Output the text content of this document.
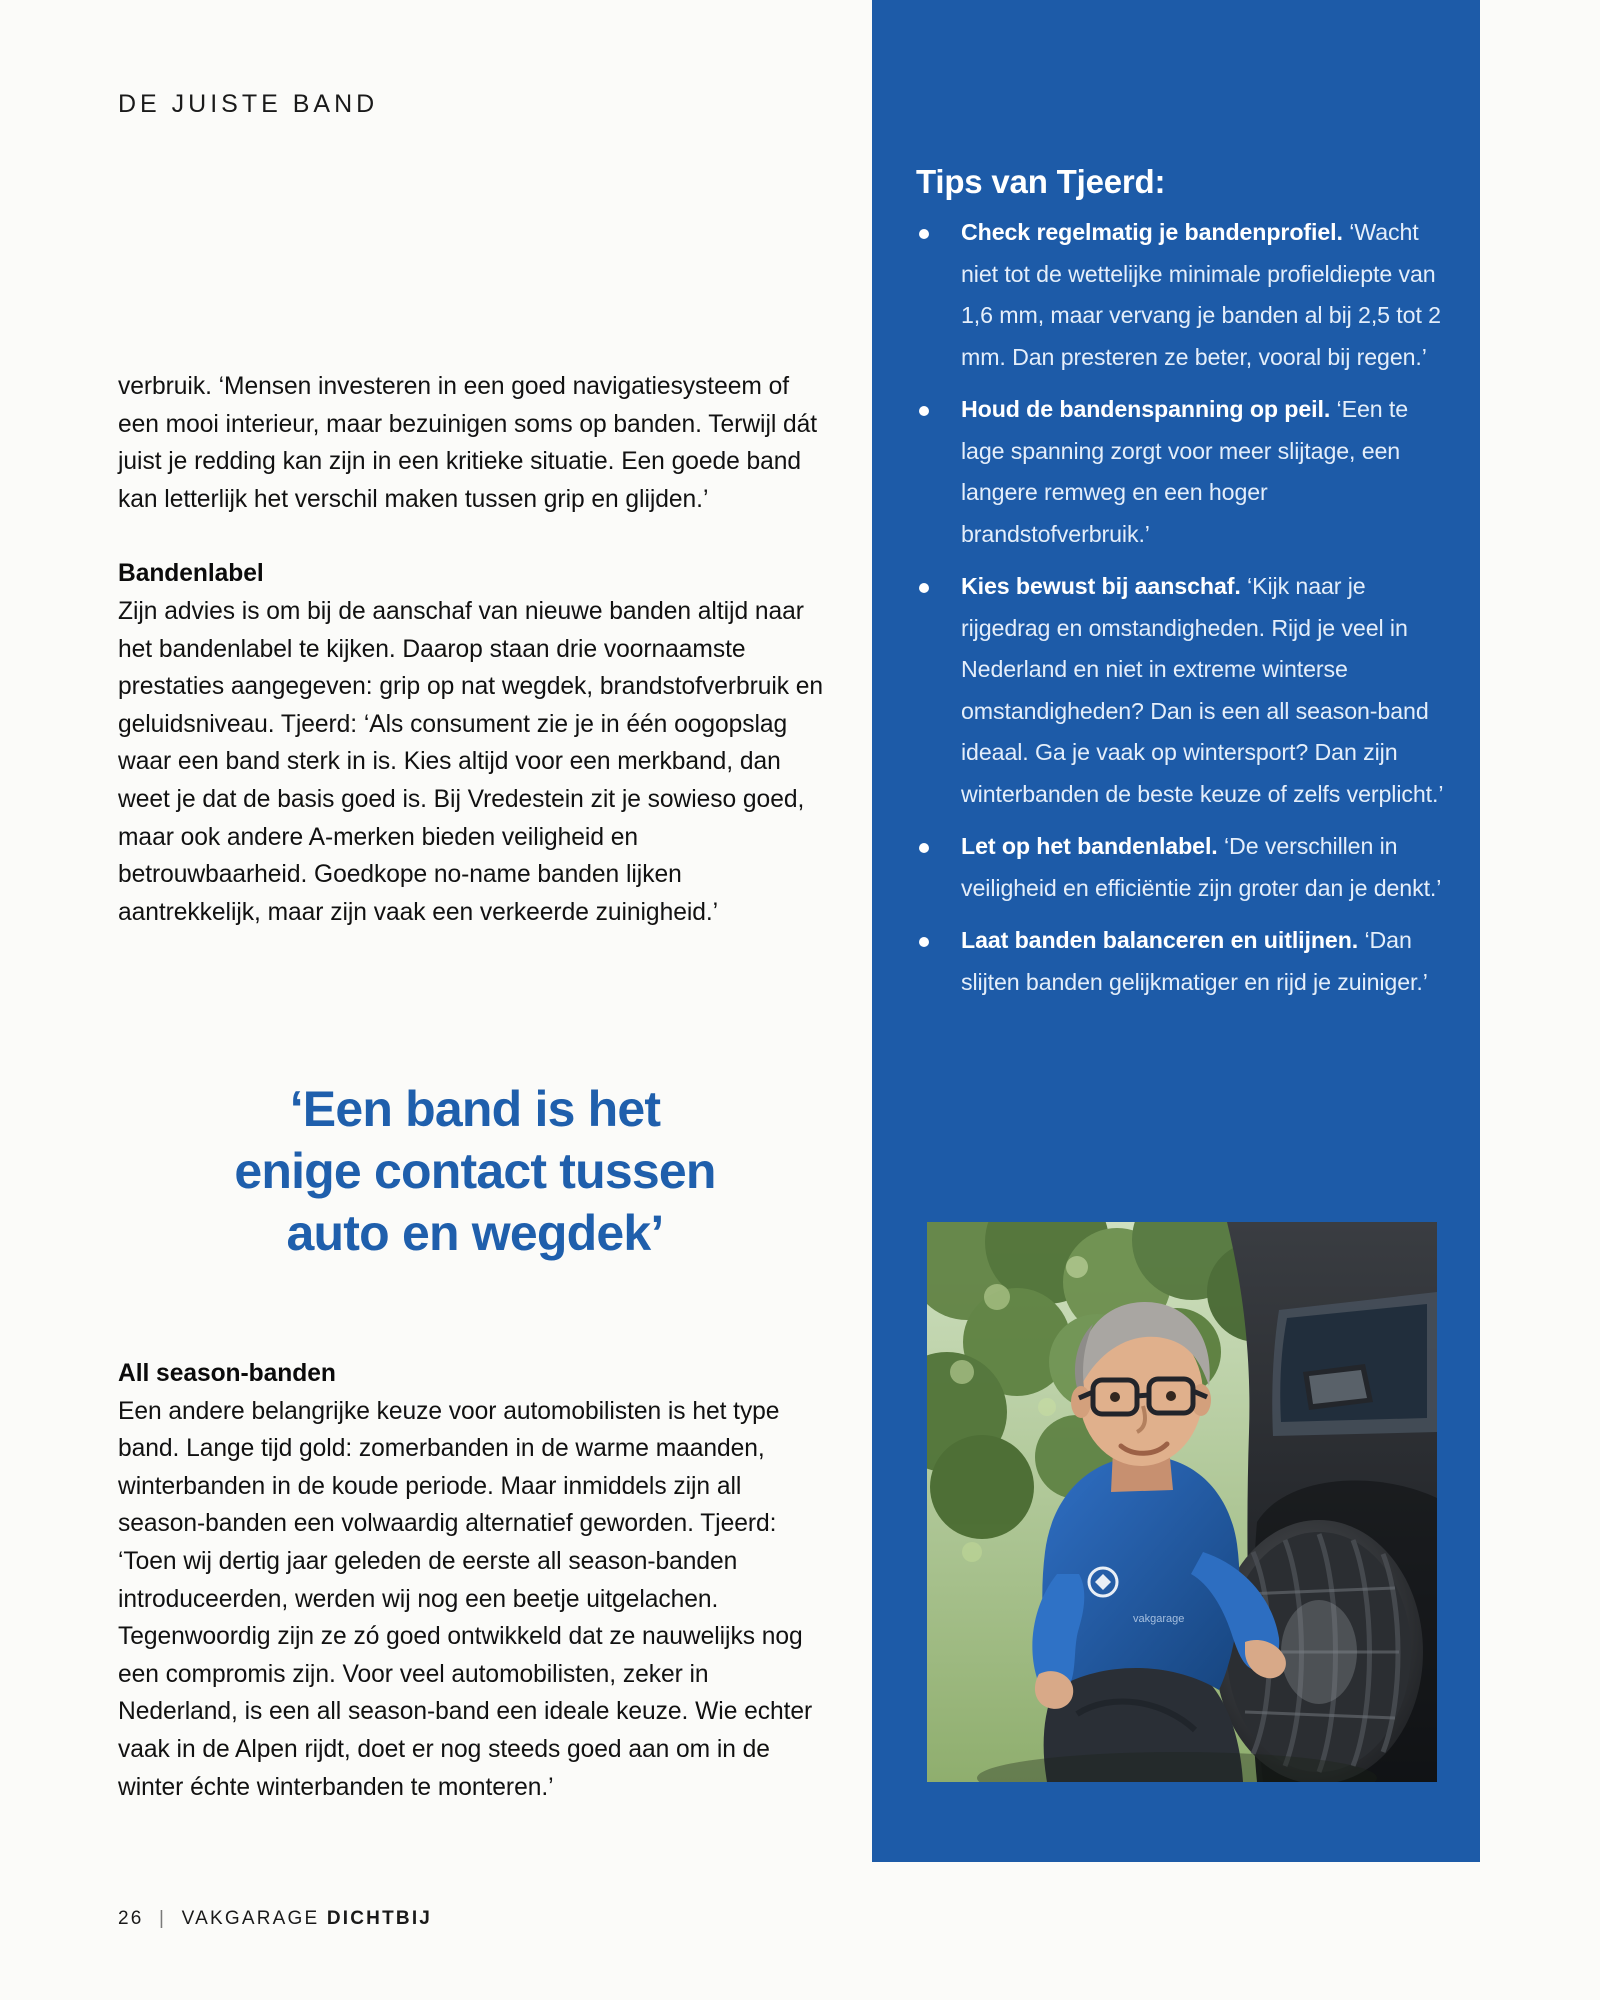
DE JUISTE BAND

verbruik. ‘Mensen investeren in een goed navigatiesysteem of een mooi interieur, maar bezuinigen soms op banden. Terwijl dát juist je redding kan zijn in een kritieke situatie. Een goede band kan letterlijk het verschil maken tussen grip en glijden.’

Bandenlabel

Zijn advies is om bij de aanschaf van nieuwe banden altijd naar het bandenlabel te kijken. Daarop staan drie voornaamste prestaties aangegeven: grip op nat wegdek, brandstofverbruik en geluidsniveau. Tjeerd: ‘Als consument zie je in één oogopslag waar een band sterk in is. Kies altijd voor een merkband, dan weet je dat de basis goed is. Bij Vredestein zit je sowieso goed, maar ook andere A-merken bieden veiligheid en betrouwbaarheid. Goedkope no-name banden lijken aantrekkelijk, maar zijn vaak een verkeerde zuinigheid.’

‘Een band is het
enige contact tussen
auto en wegdek’

All season-banden

Een andere belangrijke keuze voor automobilisten is het type band. Lange tijd gold: zomerbanden in de warme maanden, winterbanden in de koude periode. Maar inmiddels zijn all season-banden een volwaardig alternatief geworden. Tjeerd: ‘Toen wij dertig jaar geleden de eerste all season-banden introduceerden, werden wij nog een beetje uitgelachen. Tegenwoordig zijn ze zó goed ontwikkeld dat ze nauwelijks nog een compromis zijn. Voor veel automobilisten, zeker in Nederland, is een all season-band een ideale keuze. Wie echter vaak in de Alpen rijdt, doet er nog steeds goed aan om in de winter échte winterbanden te monteren.’

Tips van Tjeerd:
Check regelmatig je bandenprofiel. ‘Wacht niet tot de wettelijke minimale profieldiepte van 1,6 mm, maar vervang je banden al bij 2,5 tot 2 mm. Dan presteren ze beter, vooral bij regen.’
Houd de bandenspanning op peil. ‘Een te lage spanning zorgt voor meer slijtage, een langere remweg en een hoger brandstofverbruik.’
Kies bewust bij aanschaf. ‘Kijk naar je rijgedrag en omstandigheden. Rijd je veel in Nederland en niet in extreme winterse omstandigheden? Dan is een all season-band ideaal. Ga je vaak op wintersport? Dan zijn winterbanden de beste keuze of zelfs verplicht.’
Let op het bandenlabel. ‘De verschillen in veiligheid en efficiëntie zijn groter dan je denkt.’
Laat banden balanceren en uitlijnen. ‘Dan slijten banden gelijkmatiger en rijd je zuiniger.’
vakgarage
26 | VAKGARAGE DICHTBIJ
